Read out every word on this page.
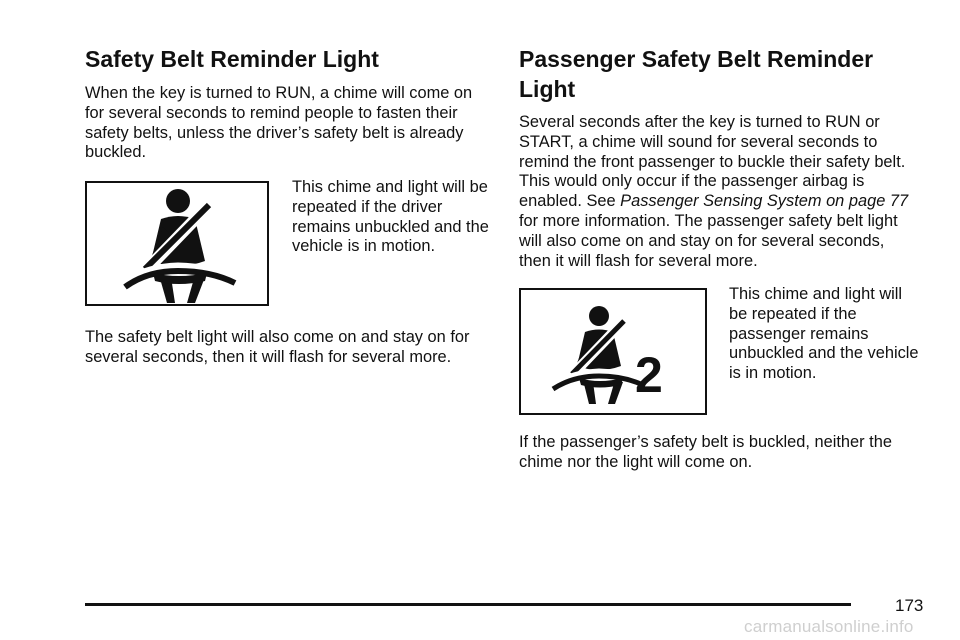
Safety Belt Reminder Light

When the key is turned to RUN, a chime will come on for several seconds to remind people to fasten their safety belts, unless the driver’s safety belt is already buckled.

This chime and light will be repeated if the driver remains unbuckled and the vehicle is in motion.

The safety belt light will also come on and stay on for several seconds, then it will flash for several more.

Passenger Safety Belt Reminder Light

Several seconds after the key is turned to RUN or START, a chime will sound for several seconds to remind the front passenger to buckle their safety belt. This would only occur if the passenger airbag is enabled. See Passenger Sensing System on page 77 for more information. The passenger safety belt light will also come on and stay on for several seconds, then it will flash for several more.

2

This chime and light will be repeated if the passenger remains unbuckled and the vehicle is in motion.

If the passenger’s safety belt is buckled, neither the chime nor the light will come on.

173
carmanualsonline.info
